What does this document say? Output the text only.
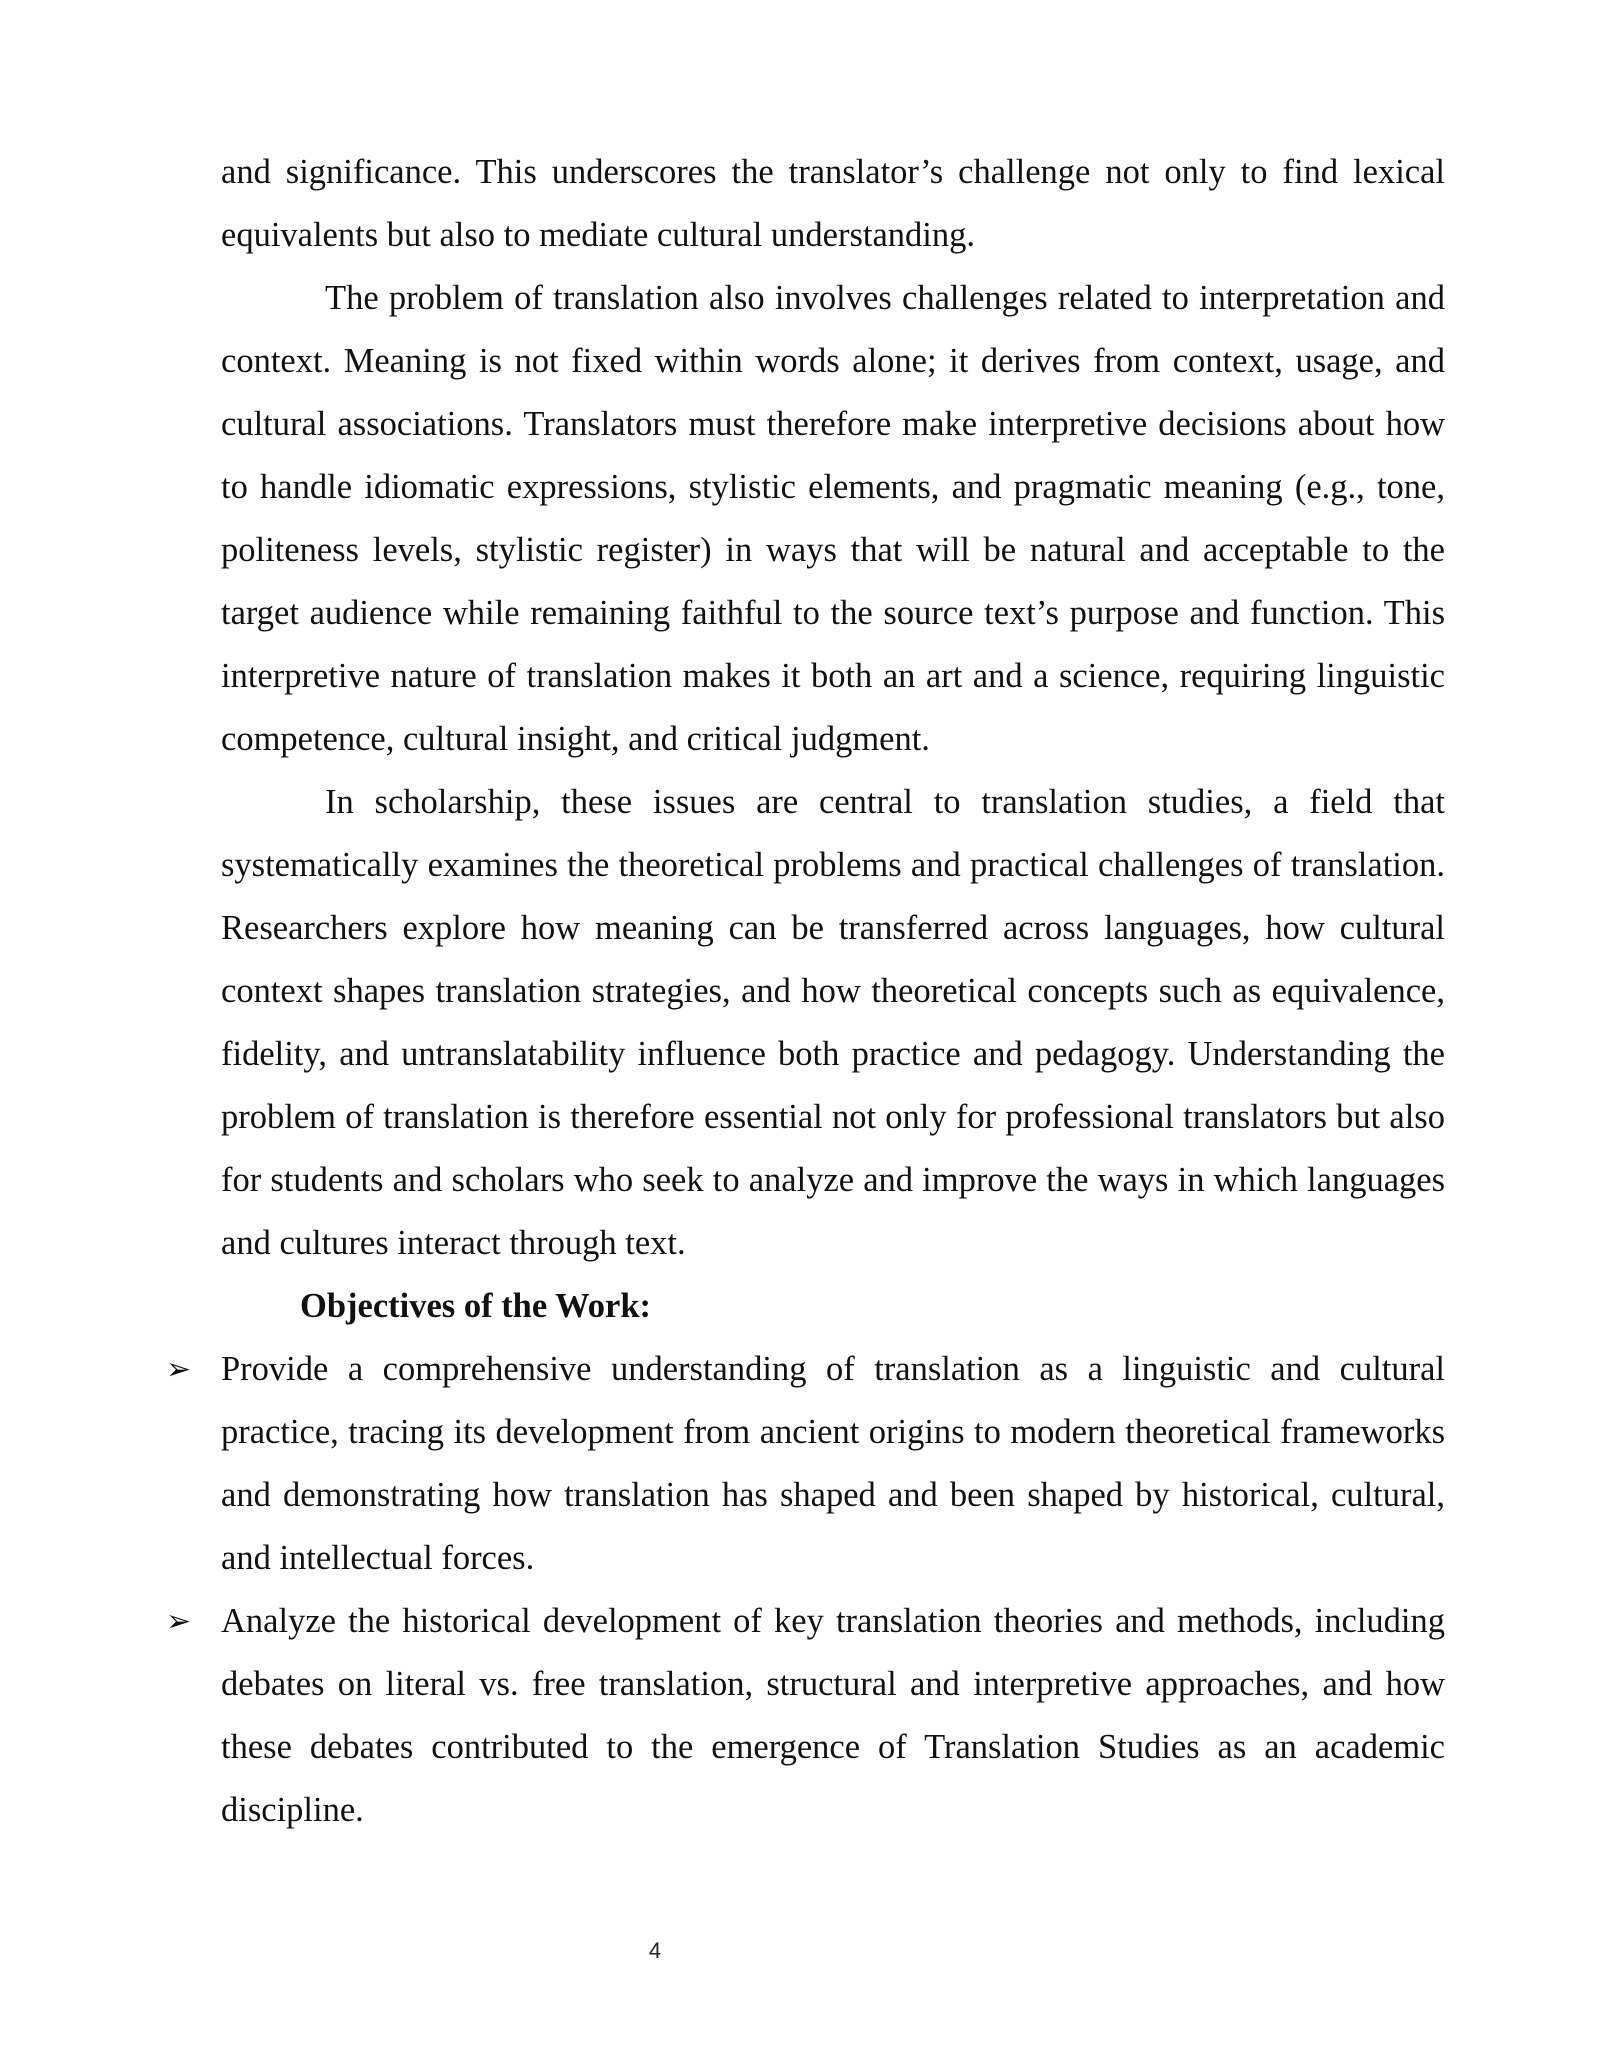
and significance. This underscores the translator’s challenge not only to find lexical equivalents but also to mediate cultural understanding.

The problem of translation also involves challenges related to interpretation and context. Meaning is not fixed within words alone; it derives from context, usage, and cultural associations. Translators must therefore make interpretive decisions about how to handle idiomatic expressions, stylistic elements, and pragmatic meaning (e.g., tone, politeness levels, stylistic register) in ways that will be natural and acceptable to the target audience while remaining faithful to the source text’s purpose and function. This interpretive nature of translation makes it both an art and a science, requiring linguistic competence, cultural insight, and critical judgment.

In scholarship, these issues are central to translation studies, a field that systematically examines the theoretical problems and practical challenges of translation. Researchers explore how meaning can be transferred across languages, how cultural context shapes translation strategies, and how theoretical concepts such as equivalence, fidelity, and untranslatability influence both practice and pedagogy. Understanding the problem of translation is therefore essential not only for professional translators but also for students and scholars who seek to analyze and improve the ways in which languages and cultures interact through text.

Objectives of the Work:

➢ Provide a comprehensive understanding of translation as a linguistic and cultural practice, tracing its development from ancient origins to modern theoretical frameworks and demonstrating how translation has shaped and been shaped by historical, cultural, and intellectual forces.
➢ Analyze the historical development of key translation theories and methods, including debates on literal vs. free translation, structural and interpretive approaches, and how these debates contributed to the emergence of Translation Studies as an academic discipline.
4
